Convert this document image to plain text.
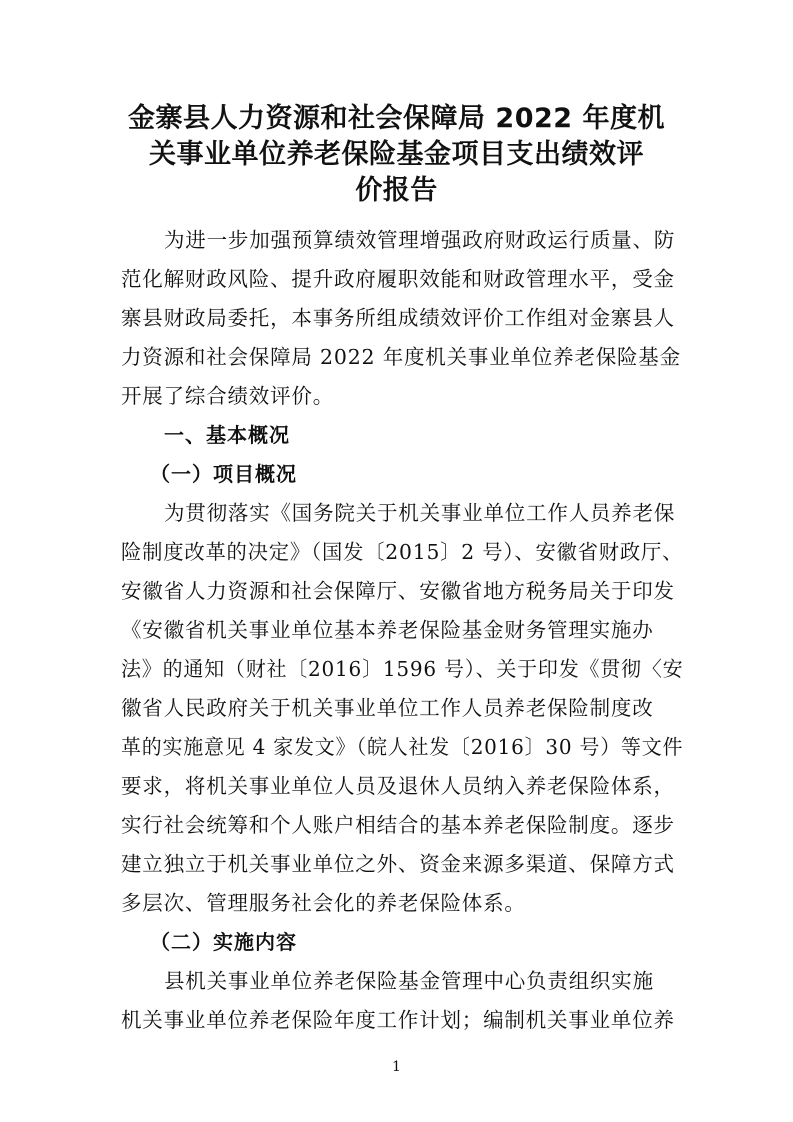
金寨县人力资源和社会保障局 2022 年度机
关事业单位养老保险基金项目支出绩效评
价报告
为进一步加强预算绩效管理增强政府财政运行质量、防
范化解财政风险、提升政府履职效能和财政管理水平，受金
寨县财政局委托，本事务所组成绩效评价工作组对金寨县人
力资源和社会保障局 2022 年度机关事业单位养老保险基金
开展了综合绩效评价。
一、基本概况
（一）项目概况
为贯彻落实《国务院关于机关事业单位工作人员养老保
险制度改革的决定》（国发〔2015〕2 号）、安徽省财政厅、
安徽省人力资源和社会保障厅、安徽省地方税务局关于印发
《安徽省机关事业单位基本养老保险基金财务管理实施办
法》的通知（财社〔2016〕1596 号）、关于印发《贯彻〈安
徽省人民政府关于机关事业单位工作人员养老保险制度改
革的实施意见 4 家发文》（皖人社发〔2016〕30 号）等文件
要求，将机关事业单位人员及退休人员纳入养老保险体系，
实行社会统筹和个人账户相结合的基本养老保险制度。逐步
建立独立于机关事业单位之外、资金来源多渠道、保障方式
多层次、管理服务社会化的养老保险体系。
（二）实施内容
县机关事业单位养老保险基金管理中心负责组织实施
机关事业单位养老保险年度工作计划；编制机关事业单位养
1
